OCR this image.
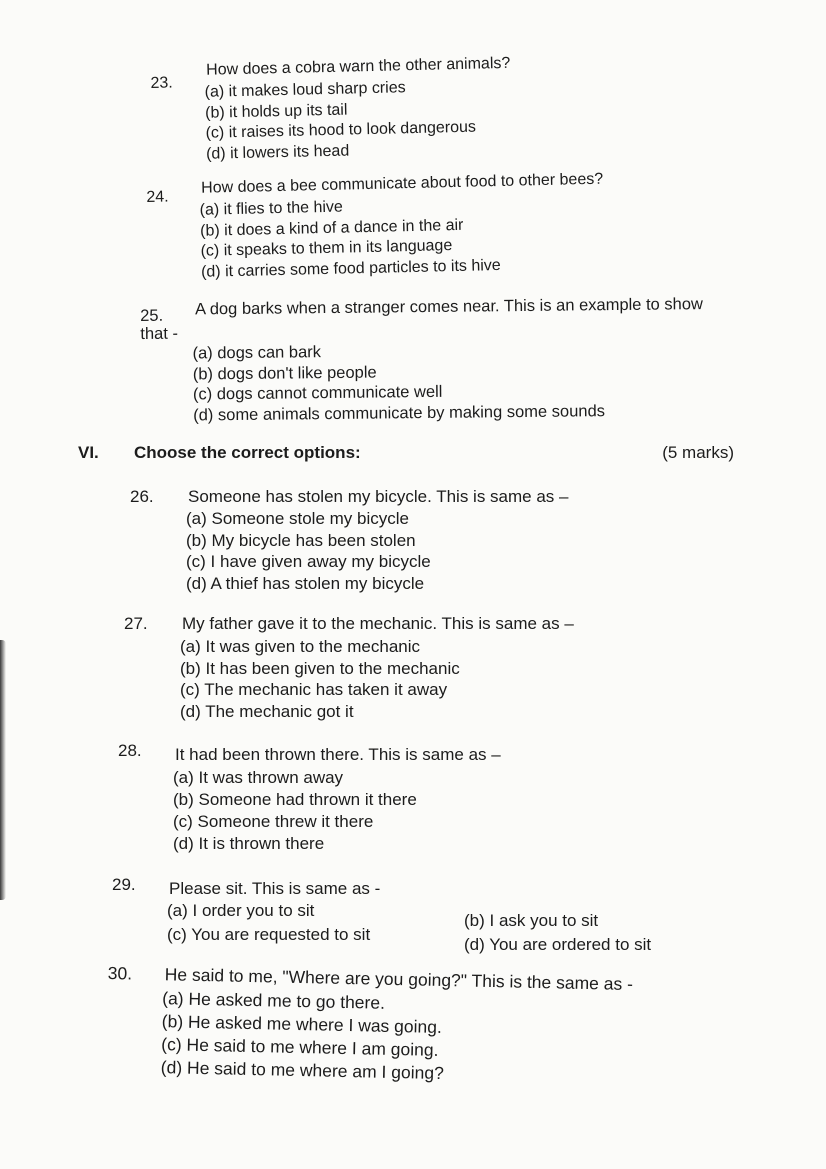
23.
How does a cobra warn the other animals?
(a) it makes loud sharp cries
(b) it holds up its tail
(c) it raises its hood to look dangerous
(d) it lowers its head
24.
How does a bee communicate about food to other bees?
(a) it flies to the hive
(b) it does a kind of a dance in the air
(c) it speaks to them in its language
(d) it carries some food particles to its hive
25. A dog barks when a stranger comes near. This is an example to show
that -
(a) dogs can bark
(b) dogs don't like people
(c) dogs cannot communicate well
(d) some animals communicate by making some sounds
VI. Choose the correct options:	(5 marks)
26. Someone has stolen my bicycle. This is same as –
(a) Someone stole my bicycle
(b) My bicycle has been stolen
(c) I have given away my bicycle
(d) A thief has stolen my bicycle
27. My father gave it to the mechanic. This is same as –
(a) It was given to the mechanic
(b) It has been given to the mechanic
(c) The mechanic has taken it away
(d) The mechanic got it
28. It had been thrown there. This is same as –
(a) It was thrown away
(b) Someone had thrown it there
(c) Someone threw it there
(d) It is thrown there
29. Please sit. This is same as -
(a) I order you to sit
(b) I ask you to sit
(c) You are requested to sit
(d) You are ordered to sit
30. He said to me, "Where are you going?" This is the same as -
(a) He asked me to go there.
(b) He asked me where I was going.
(c) He said to me where I am going.
(d) He said to me where am I going?
